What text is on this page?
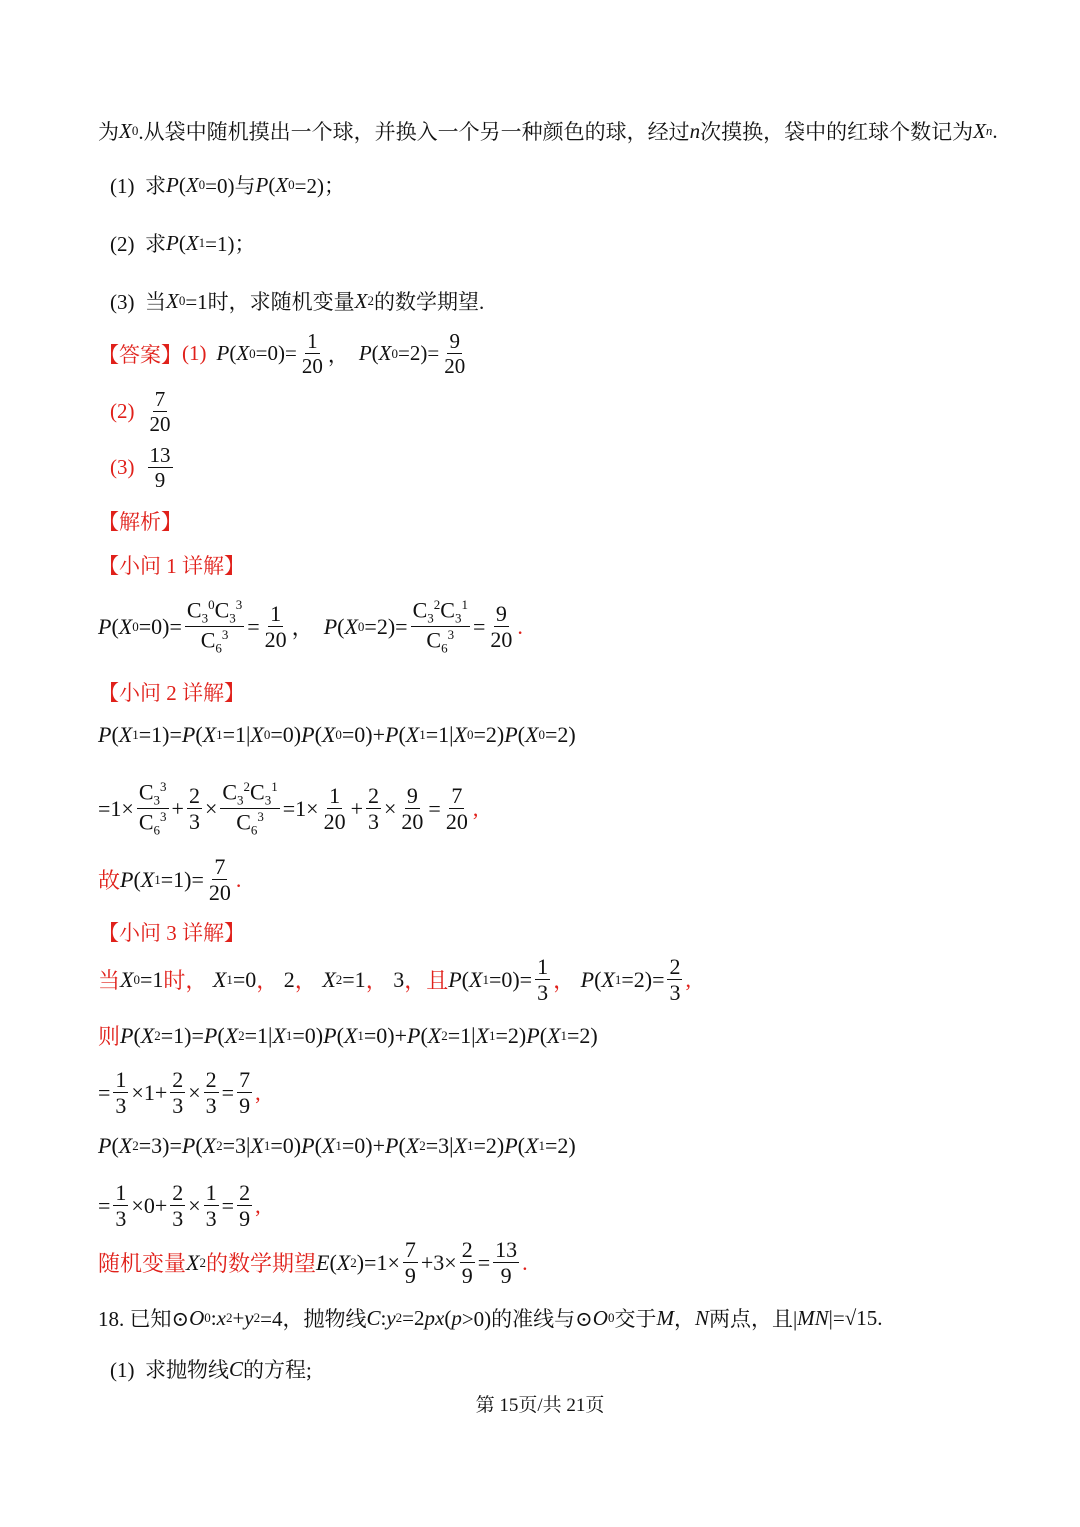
为 X 0 .从袋中随机摸出一个球，并换入一个另一种颜色的球，经过 n 次摸换，袋中的红球个数记为 X n .
(1)  求 P ( X 0 =0)与 P ( X 0 =2)；
(2)  求 P ( X 1 =1)；
(3)  当 X 0 =1时，求随机变量 X 2 的数学期望.
【答案】 (1) P ( X $0 =0)= \frac{1}{20}$ ， P ( X $0 =2)= \frac{9}{20}$
$(2) \frac{7}{20}$
$(3) \frac{13}{9}$
【解析】
【小问 1 详解】
P ( X $0 =0)= \frac{C_3^0C_3^3}{C_6^3} = \frac{1}{20}$ ， P ( X $0 =2)= \frac{C_3^2C_3^1}{C_6^3} = \frac{9}{20}$ .
【小问 2 详解】
P ( X 1 =1)= P ( X 1 =1| X 0 =0) P ( X 0 =0)+ P ( X 1 =1| X 0 =2) P ( X 0 =2)
$=1\times \frac{C_3^3}{C_6^3} + \frac{2}{3} \times \frac{C_3^2C_3^1}{C_6^3} =1\times \frac{1}{20} + \frac{2}{3} \times \frac{9}{20} = \frac{7}{20}$ ,
故 P ( X $1 =1)= \frac{7}{20}$ .
【小问 3 详解】
当 X 0 =1 时，
X 1 =0 ， 2 ，
X 2 =1 ， 3 ，且 P ( X $1 =0)= \frac{1}{3}$ ，
P ( X $1 =2)= \frac{2}{3}$ ,
则 P ( X 2 =1)= P ( X 2 =1| X 1 =0) P ( X 1 =0)+ P ( X 2 =1| X 1 =2) P ( X 1 =2)
= $\frac{1}{3} \times 1+ \frac{2}{3} \times \frac{2}{3} = \frac{7}{9}$ ,
P ( X 2 =3)= P ( X 2 =3| X 1 =0) P ( X 1 =0)+ P ( X 2 =3| X 1 =2) P ( X 1 =2)
= $\frac{1}{3} \times 0+ \frac{2}{3} \times \frac{1}{3} = \frac{2}{9}$ ,
随机变量 X 2 的数学期望 E ( X 2 )$=1\times \frac{7}{9} +3\times \frac{2}{9} = \frac{13}{9}$ .
18. 已知⊙ O 0 : x 2 + y 2 =4，抛物线 C : y 2 =2 px ( p >0)的准线与⊙ O 0 交于 M ， N 两点，且| MN |=√15.
(1)  求抛物线 C 的方程;
第 15页/共 21页
